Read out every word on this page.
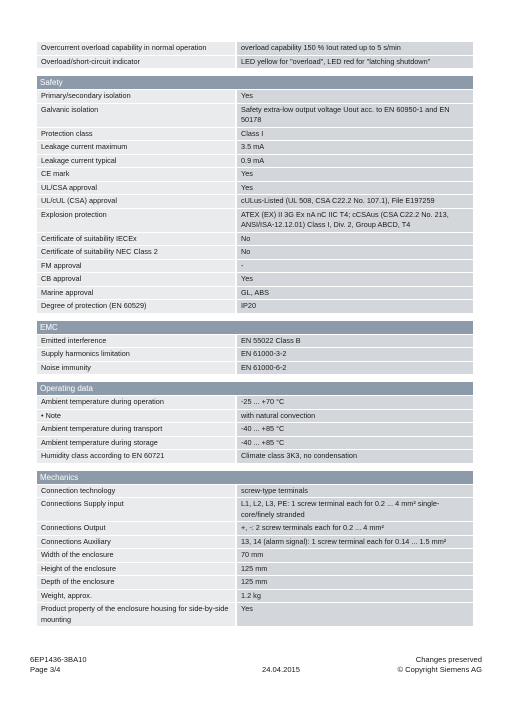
Overcurrent overload capability in normal operation	overload capability 150 % Iout rated up to 5 s/min
Overload/short-circuit indicator	LED yellow for "overload", LED red for "latching shutdown"

Safety	
Primary/secondary isolation	Yes
Galvanic isolation	Safety extra-low output voltage Uout acc. to EN 60950-1 and EN 50178
Protection class	Class I
Leakage current maximum	3.5 mA
Leakage current typical	0.9 mA
CE mark	Yes
UL/CSA approval	Yes
UL/cUL (CSA) approval	cULus-Listed (UL 508, CSA C22.2 No. 107.1), File E197259
Explosion protection	ATEX (EX) II 3G Ex nA nC IIC T4; cCSAus (CSA C22.2 No. 213, ANSI/ISA-12.12.01) Class I, Div. 2, Group ABCD, T4
Certificate of suitability IECEx	No
Certificate of suitability NEC Class 2	No
FM approval	-
CB approval	Yes
Marine approval	GL, ABS
Degree of protection (EN 60529)	IP20

EMC	
Emitted interference	EN 55022 Class B
Supply harmonics limitation	EN 61000-3-2
Noise immunity	EN 61000-6-2

Operating data	
Ambient temperature during operation	-25 ... +70 °C
• Note	with natural convection
Ambient temperature during transport	-40 ... +85 °C
Ambient temperature during storage	-40 ... +85 °C
Humidity class according to EN 60721	Climate class 3K3, no condensation

Mechanics	
Connection technology	screw-type terminals
Connections Supply input	L1, L2, L3, PE: 1 screw terminal each for 0.2 ... 4 mm² single-core/finely stranded
Connections Output	+, -: 2 screw terminals each for 0.2 ... 4 mm²
Connections Auxiliary	13, 14 (alarm signal): 1 screw terminal each for 0.14 ... 1.5 mm²
Width of the enclosure	70 mm
Height of the enclosure	125 mm
Depth of the enclosure	125 mm
Weight, approx.	1.2 kg
Product property of the enclosure housing for side-by-side mounting	Yes
6EP1436-3BA10
Page 3/4	24.04.2015
Changes preserved
© Copyright Siemens AG
